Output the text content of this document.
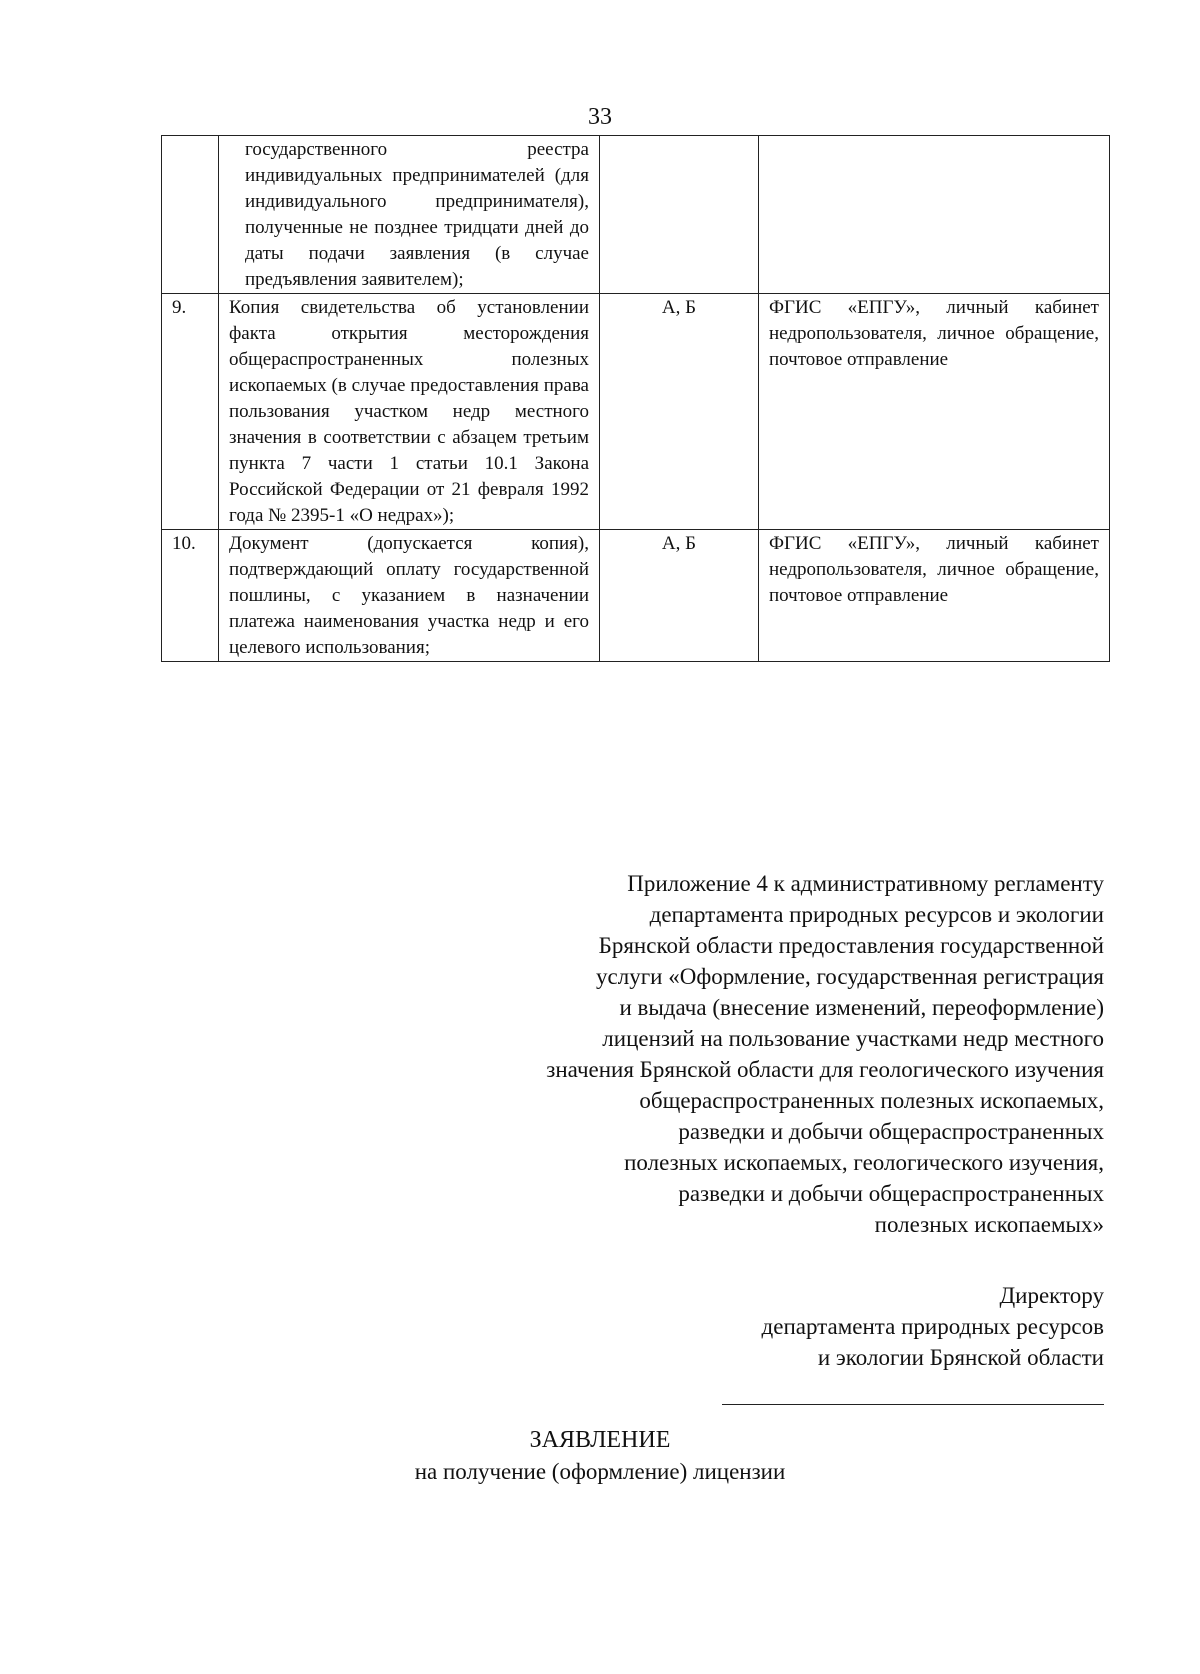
33
	государственного реестра индивидуальных предпринимателей (для индивидуального предпринимателя), полученные не позднее тридцати дней до даты подачи заявления (в случае предъявления заявителем);		
9.	Копия свидетельства об установлении факта открытия месторождения общераспространенных полезных ископаемых (в случае предоставления права пользования участком недр местного значения в соответствии с абзацем третьим пункта 7 части 1 статьи 10.1 Закона Российской Федерации от 21 февраля 1992 года № 2395-1 «О недрах»);	А, Б	ФГИС «ЕПГУ», личный кабинет недропользователя, личное обращение, почтовое отправление
10.	Документ (допускается копия), подтверждающий оплату государственной пошлины, с указанием в назначении платежа наименования участка недр и его целевого использования;	А, Б	ФГИС «ЕПГУ», личный кабинет недропользователя, личное обращение, почтовое отправление

Приложение 4 к административному регламенту

департамента природных ресурсов и экологии

Брянской области предоставления государственной

услуги «Оформление, государственная регистрация

и выдача (внесение изменений, переоформление)

лицензий на пользование участками недр местного

значения Брянской области для геологического изучения

общераспространенных полезных ископаемых,

разведки и добычи общераспространенных

полезных ископаемых, геологического изучения,

разведки и добычи общераспространенных

полезных ископаемых»

Директору

департамента природных ресурсов

и экологии Брянской области

ЗАЯВЛЕНИЕ
на получение (оформление) лицензии
